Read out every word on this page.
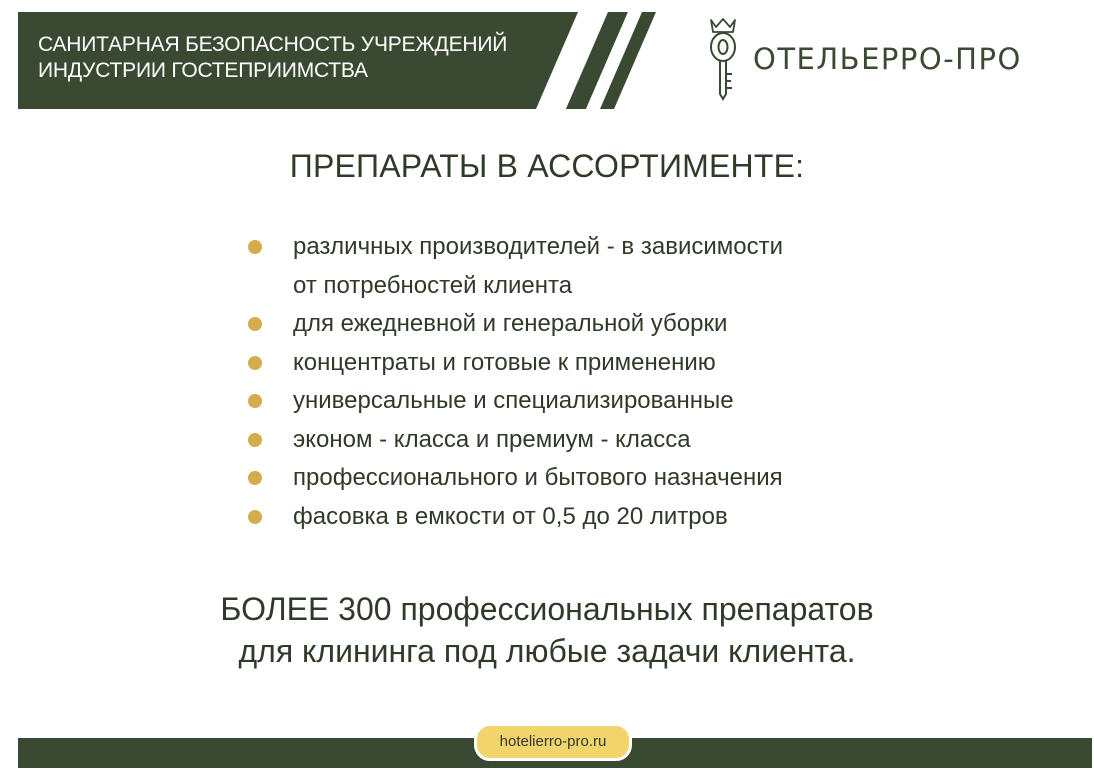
САНИТАРНАЯ БЕЗОПАСНОСТЬ УЧРЕЖДЕНИЙ
ИНДУСТРИИ ГОСТЕПРИИМСТВА	ОТЕЛЬЕРРО-ПРО
ПРЕПАРАТЫ В АССОРТИМЕНТЕ:
различных производителей - в зависимости
от потребностей клиента
для ежедневной и генеральной уборки
концентраты и готовые к применению
универсальные и специализированные
эконом - класса и премиум - класса
профессионального и бытового назначения
фасовка в емкости от 0,5 до 20 литров
БОЛЕЕ 300 профессиональных препаратов
для клининга под любые задачи клиента.
hotelierro-pro.ru
